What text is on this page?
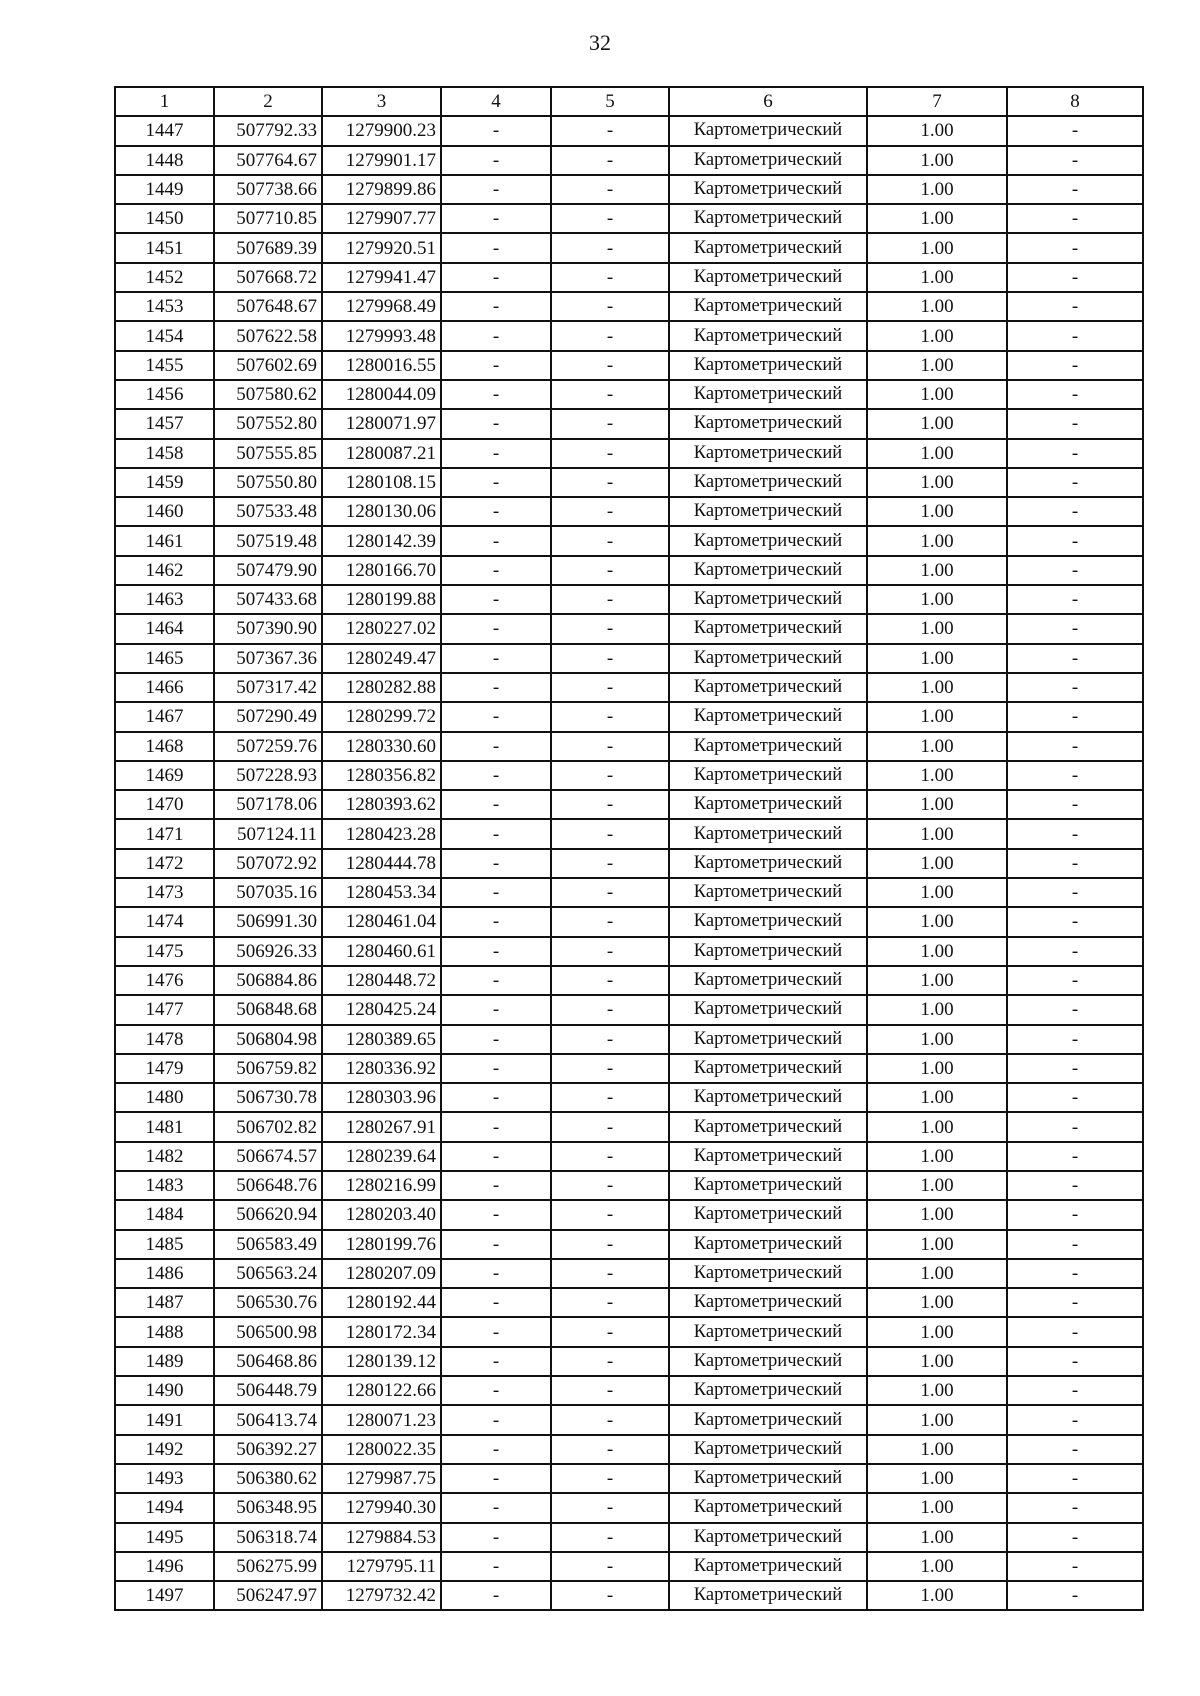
32
1	2	3	4	5	6	7	8
1447	507792.33	1279900.23	-	-	Картометрический	1.00	-
1448	507764.67	1279901.17	-	-	Картометрический	1.00	-
1449	507738.66	1279899.86	-	-	Картометрический	1.00	-
1450	507710.85	1279907.77	-	-	Картометрический	1.00	-
1451	507689.39	1279920.51	-	-	Картометрический	1.00	-
1452	507668.72	1279941.47	-	-	Картометрический	1.00	-
1453	507648.67	1279968.49	-	-	Картометрический	1.00	-
1454	507622.58	1279993.48	-	-	Картометрический	1.00	-
1455	507602.69	1280016.55	-	-	Картометрический	1.00	-
1456	507580.62	1280044.09	-	-	Картометрический	1.00	-
1457	507552.80	1280071.97	-	-	Картометрический	1.00	-
1458	507555.85	1280087.21	-	-	Картометрический	1.00	-
1459	507550.80	1280108.15	-	-	Картометрический	1.00	-
1460	507533.48	1280130.06	-	-	Картометрический	1.00	-
1461	507519.48	1280142.39	-	-	Картометрический	1.00	-
1462	507479.90	1280166.70	-	-	Картометрический	1.00	-
1463	507433.68	1280199.88	-	-	Картометрический	1.00	-
1464	507390.90	1280227.02	-	-	Картометрический	1.00	-
1465	507367.36	1280249.47	-	-	Картометрический	1.00	-
1466	507317.42	1280282.88	-	-	Картометрический	1.00	-
1467	507290.49	1280299.72	-	-	Картометрический	1.00	-
1468	507259.76	1280330.60	-	-	Картометрический	1.00	-
1469	507228.93	1280356.82	-	-	Картометрический	1.00	-
1470	507178.06	1280393.62	-	-	Картометрический	1.00	-
1471	507124.11	1280423.28	-	-	Картометрический	1.00	-
1472	507072.92	1280444.78	-	-	Картометрический	1.00	-
1473	507035.16	1280453.34	-	-	Картометрический	1.00	-
1474	506991.30	1280461.04	-	-	Картометрический	1.00	-
1475	506926.33	1280460.61	-	-	Картометрический	1.00	-
1476	506884.86	1280448.72	-	-	Картометрический	1.00	-
1477	506848.68	1280425.24	-	-	Картометрический	1.00	-
1478	506804.98	1280389.65	-	-	Картометрический	1.00	-
1479	506759.82	1280336.92	-	-	Картометрический	1.00	-
1480	506730.78	1280303.96	-	-	Картометрический	1.00	-
1481	506702.82	1280267.91	-	-	Картометрический	1.00	-
1482	506674.57	1280239.64	-	-	Картометрический	1.00	-
1483	506648.76	1280216.99	-	-	Картометрический	1.00	-
1484	506620.94	1280203.40	-	-	Картометрический	1.00	-
1485	506583.49	1280199.76	-	-	Картометрический	1.00	-
1486	506563.24	1280207.09	-	-	Картометрический	1.00	-
1487	506530.76	1280192.44	-	-	Картометрический	1.00	-
1488	506500.98	1280172.34	-	-	Картометрический	1.00	-
1489	506468.86	1280139.12	-	-	Картометрический	1.00	-
1490	506448.79	1280122.66	-	-	Картометрический	1.00	-
1491	506413.74	1280071.23	-	-	Картометрический	1.00	-
1492	506392.27	1280022.35	-	-	Картометрический	1.00	-
1493	506380.62	1279987.75	-	-	Картометрический	1.00	-
1494	506348.95	1279940.30	-	-	Картометрический	1.00	-
1495	506318.74	1279884.53	-	-	Картометрический	1.00	-
1496	506275.99	1279795.11	-	-	Картометрический	1.00	-
1497	506247.97	1279732.42	-	-	Картометрический	1.00	-
